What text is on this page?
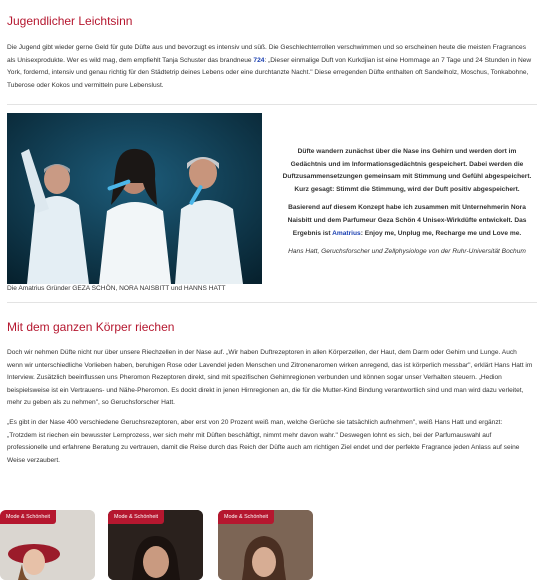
Jugendlicher Leichtsinn

Die Jugend gibt wieder gerne Geld für gute Düfte aus und bevorzugt es intensiv und süß. Die Geschlechterrollen verschwimmen und so erscheinen heute die meisten Fragrances als Unisexprodukte. Wer es wild mag, dem empfiehlt Tanja Schuster das brandneue 724: „Dieser einmalige Duft von Kurkdjian ist eine Hommage an 7 Tage und 24 Stunden in New York, fordernd, intensiv und genau richtig für den Städtetrip deines Lebens oder eine durchtanzte Nacht." Diese erregenden Düfte enthalten oft Sandelholz, Moschus, Tonkabohne, Tuberose oder Kokos und vermitteln pure Lebenslust.

Die Amatrius Gründer GEZA SCHÖN, NORA NAISBITT und HANNS HATT

Düfte wandern zunächst über die Nase ins Gehirn und werden dort im Gedächtnis und im Informationsgedächtnis gespeichert. Dabei werden die Duftzusammensetzungen gemeinsam mit Stimmung und Gefühl abgespeichert. Kurz gesagt: Stimmt die Stimmung, wird der Duft positiv abgespeichert.

Basierend auf diesem Konzept habe ich zusammen mit Unternehmerin Nora Naisbitt und dem Parfumeur Geza Schön 4 Unisex-Wirkdüfte entwickelt. Das Ergebnis ist Amatrius: Enjoy me, Unplug me, Recharge me und Love me.

Hans Hatt, Geruchsforscher und Zellphysiologe von der Ruhr-Universität Bochum

Mit dem ganzen Körper riechen

Doch wir nehmen Düfte nicht nur über unsere Riechzellen in der Nase auf. „Wir haben Duftrezeptoren in allen Körperzellen, der Haut, dem Darm oder Gehirn und Lunge. Auch wenn wir unterschiedliche Vorlieben haben, beruhigen Rose oder Lavendel jeden Menschen und Zitronenaromen wirken anregend, das ist körperlich messbar", erklärt Hans Hatt im Interview. Zusätzlich beeinflussen uns Pheromon Rezeptoren direkt, sind mit spezifischen Gehirnregionen verbunden und können sogar unser Verhalten steuern. „Hedion beispielsweise ist ein Vertrauens- und Nähe-Pheromon. Es dockt direkt in jenen Hirnregionen an, die für die Mutter-Kind Bindung verantwortlich sind und man wird dazu verleitet, mehr zu geben als zu nehmen", so Geruchsforscher Hatt.

„Es gibt in der Nase 400 verschiedene Geruchsrezeptoren, aber erst von 20 Prozent weiß man, welche Gerüche sie tatsächlich aufnehmen", weiß Hans Hatt und ergänzt: „Trotzdem ist riechen ein bewusster Lernprozess, wer sich mehr mit Düften beschäftigt, nimmt mehr davon wahr." Deswegen lohnt es sich, bei der Parfumauswahl auf professionelle und erfahrene Beratung zu vertrauen, damit die Reise durch das Reich der Düfte auch am richtigen Ziel endet und der perfekte Fragrance jeden Anlass auf seine Weise verzaubert.

Mode & Schönheit	Mode & Schönheit	Mode & Schönheit
